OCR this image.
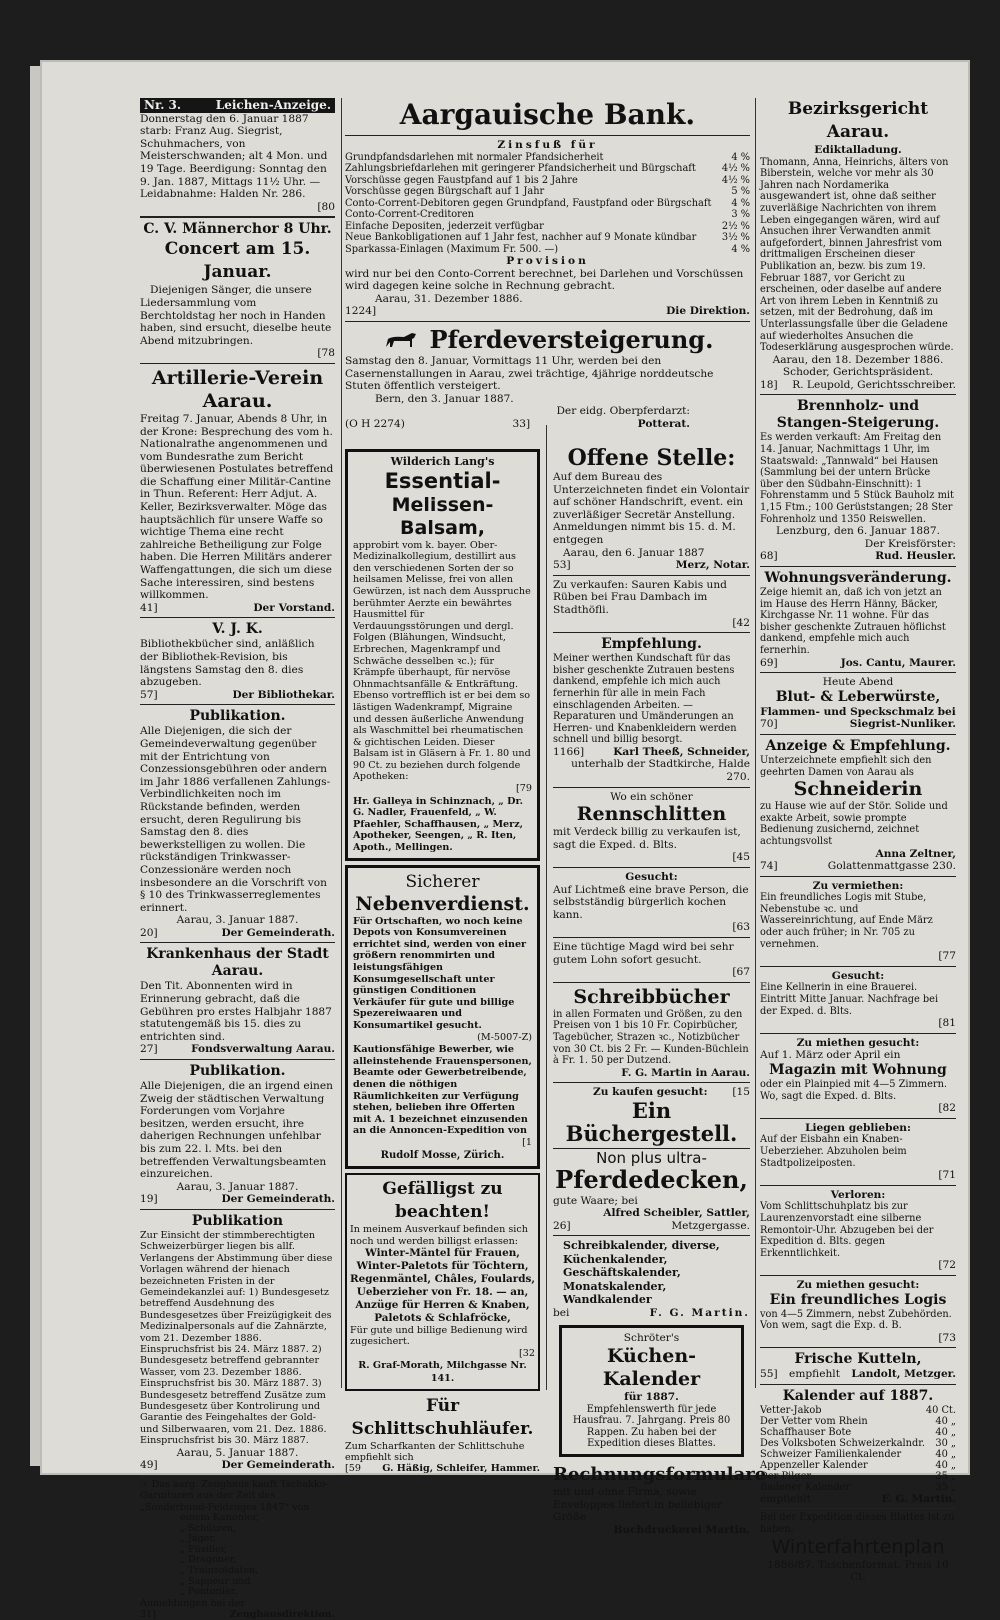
Nr. 3.	Leichen-Anzeige.

Donnerstag den 6. Januar 1887 starb: Franz Aug. Siegrist, Schuhmachers, von Meisterschwanden; alt 4 Mon. und 19 Tage. Beerdigung: Sonntag den 9. Jan. 1887, Mittags 11½ Uhr. — Leidabnahme: Halden Nr. 286.

[80
C. V. Männerchor 8 Uhr.
Concert am 15. Januar.

Diejenigen Sänger, die unsere Liedersammlung vom Berchtoldstag her noch in Handen haben, sind ersucht, dieselbe heute Abend mitzubringen.

[78
Artillerie-Verein Aarau.

Freitag 7. Januar, Abends 8 Uhr, in der Krone: Besprechung des vom h. Nationalrathe angenommenen und vom Bundesrathe zum Bericht überwiesenen Postulates betreffend die Schaffung einer Militär-Cantine in Thun. Referent: Herr Adjut. A. Keller, Bezirksverwalter. Möge das hauptsächlich für unsere Waffe so wichtige Thema eine recht zahlreiche Betheiligung zur Folge haben. Die Herren Militärs anderer Waffengattungen, die sich um diese Sache interessiren, sind bestens willkommen.

41]	Der Vorstand.
V. J. K.

Bibliothekbücher sind, anläßlich der Bibliothek-Revision, bis längstens Samstag den 8. dies abzugeben.

57]	Der Bibliothekar.
Publikation.

Alle Diejenigen, die sich der Gemeindeverwaltung gegenüber mit der Entrichtung von Conzessionsgebühren oder andern im Jahr 1886 verfallenen Zahlungs-Verbindlichkeiten noch im Rückstande befinden, werden ersucht, deren Regulirung bis Samstag den 8. dies bewerkstelligen zu wollen. Die rückständigen Trinkwasser-Conzessionäre werden noch insbesondere an die Vorschrift von § 10 des Trinkwasserreglementes erinnert.

Aarau, 3. Januar 1887.
20]	Der Gemeinderath.
Krankenhaus der Stadt Aarau.

Den Tit. Abonnenten wird in Erinnerung gebracht, daß die Gebühren pro erstes Halbjahr 1887 statutengemäß bis 15. dies zu entrichten sind.

27]	Fondsverwaltung Aarau.
Publikation.

Alle Diejenigen, die an irgend einen Zweig der städtischen Verwaltung Forderungen vom Vorjahre besitzen, werden ersucht, ihre daherigen Rechnungen unfehlbar bis zum 22. l. Mts. bei den betreffenden Verwaltungsbeamten einzureichen.

Aarau, 3. Januar 1887.
19]	Der Gemeinderath.
Publikation

Zur Einsicht der stimmberechtigten Schweizerbürger liegen bis allf. Verlangens der Abstimmung über diese Vorlagen während der hienach bezeichneten Fristen in der Gemeindekanzlei auf: 1) Bundesgesetz betreffend Ausdehnung des Bundesgesetzes über Freizügigkeit des Medizinalpersonals auf die Zahnärzte, vom 21. Dezember 1886. Einspruchsfrist bis 24. März 1887. 2) Bundesgesetz betreffend gebrannter Wasser, vom 23. Dezember 1886. Einspruchsfrist bis 30. März 1887. 3) Bundesgesetz betreffend Zusätze zum Bundesgesetz über Kontrolirung und Garantie des Feingehaltes der Gold- und Silberwaaren, vom 21. Dez. 1886. Einspruchsfrist bis 30. März 1887.

Aarau, 5. Januar 1887.
49]	Der Gemeinderath.

☞ Das aarg. Zeughaus kauft Tschakko-Garnituren aus der Zeit des „Sonderbund-Feldzuges 1847“ von

einem Kanonier,
„ Schützen,
„ Jäger,
„ Füsilier,
„ Dragoner,
„ Trainsoldaten,
„ Sappeur und
„ Pontonier.
Anmeldungen bei der
31]	Zeughausdirektion.
Aargauische Bank.
Zinsfuß für
Grundpfandsdarlehen mit normaler Pfandsicherheit	4 %
Zahlungsbriefdarlehen mit geringerer Pfandsicherheit und Bürgschaft	4½ %
Vorschüsse gegen Faustpfand auf 1 bis 2 Jahre	4½ %
Vorschüsse gegen Bürgschaft auf 1 Jahr	5 %
Conto-Corrent-Debitoren gegen Grundpfand, Faustpfand oder Bürgschaft 4 %
Conto-Corrent-Creditoren	3 %
Einfache Depositen, jederzeit verfügbar	2½ %
Neue Bankobligationen auf 1 Jahr fest, nachher auf 9 Monate kündbar	3½ %
Sparkassa-Einlagen (Maximum Fr. 500. —)	4 %
Provision

wird nur bei den Conto-Corrent berechnet, bei Darlehen und Vorschüssen wird dagegen keine solche in Rechnung gebracht.

Aarau, 31. Dezember 1886.
1224]	Die Direktion.
Pferdeversteigerung.

Samstag den 8. Januar, Vormittags 11 Uhr, werden bei den Casernenstallungen in Aarau, zwei trächtige, 4jährige norddeutsche Stuten öffentlich versteigert.

Bern, den 3. Januar 1887.
Der eidg. Oberpferdarzt:
(O H 2274)	33]	Potterat.
Wilderich Lang's
Essential-
Melissen-Balsam,

approbirt vom k. bayer. Ober-Medizinalkollegium, destillirt aus den verschiedenen Sorten der so heilsamen Melisse, frei von allen Gewürzen, ist nach dem Ausspruche berühmter Aerzte ein bewährtes Hausmittel für Verdauungsstörungen und dergl. Folgen (Blähungen, Windsucht, Erbrechen, Magenkrampf und Schwäche desselben ꝛc.); für Krämpfe überhaupt, für nervöse Ohnmachtsanfälle & Entkräftung. Ebenso vortrefflich ist er bei dem so lästigen Wadenkrampf, Migraine und dessen äußerliche Anwendung als Waschmittel bei rheumatischen & gichtischen Leiden. Dieser Balsam ist in Gläsern à Fr. 1. 80 und 90 Ct. zu beziehen durch folgende Apotheken:

[79

Hr. Galleya in Schinznach, „ Dr. G. Nadler, Frauenfeld, „ W. Pfaehler, Schaffhausen, „ Merz, Apotheker, Seengen, „ R. Iten, Apoth., Mellingen.

Sicherer
Nebenverdienst.

Für Ortschaften, wo noch keine Depots von Konsumvereinen errichtet sind, werden von einer größern renommirten und leistungsfähigen Konsumgesellschaft unter günstigen Conditionen Verkäufer für gute und billige Spezereiwaaren und Konsumartikel gesucht.

(M-5007-Z)

Kautionsfähige Bewerber, wie alleinstehende Frauenspersonen, Beamte oder Gewerbetreibende, denen die nöthigen Räumlichkeiten zur Verfügung stehen, belieben ihre Offerten mit A. 1 bezeichnet einzusenden an die Annoncen-Expedition von

[1
Rudolf Mosse, Zürich.
Gefälligst zu beachten!

In meinem Ausverkauf befinden sich noch und werden billigst erlassen:

Winter-Mäntel für Frauen, Winter-Paletots für Töchtern, Regenmäntel, Châles, Foulards, Ueberzieher von Fr. 18. — an, Anzüge für Herren & Knaben, Paletots & Schlafröcke,

Für gute und billige Bedienung wird zugesichert.

[32
R. Graf-Morath, Milchgasse Nr. 141.
Für Schlittschuhläufer.

Zum Scharfkanten der Schlittschuhe empfiehlt sich

[59 G. Häßig, Schleifer, Hammer.
Offene Stelle:

Auf dem Bureau des Unterzeichneten findet ein Volontair auf schöner Handschrift, event. ein zuverläßiger Secretär Anstellung. Anmeldungen nimmt bis 15. d. M. entgegen

Aarau, den 6. Januar 1887
53]	Merz, Notar.

Zu verkaufen: Sauren Kabis und Rüben bei Frau Dambach im Stadthöfli.

[42
Empfehlung.

Meiner werthen Kundschaft für das bisher geschenkte Zutrauen bestens dankend, empfehle ich mich auch fernerhin für alle in mein Fach einschlagenden Arbeiten. — Reparaturen und Umänderungen an Herren- und Knabenkleidern werden schnell und billig besorgt.

1166]	Karl Theeß, Schneider,
unterhalb der Stadtkirche, Halde 270.
Wo ein schöner
Rennschlitten

mit Verdeck billig zu verkaufen ist, sagt die Exped. d. Blts.

[45
Gesucht:

Auf Lichtmeß eine brave Person, die selbstständig bürgerlich kochen kann.

[63

Eine tüchtige Magd wird bei sehr gutem Lohn sofort gesucht.

[67
Schreibbücher

in allen Formaten und Größen, zu den Preisen von 1 bis 10 Fr. Copirbücher, Tagebücher, Strazen ꝛc., Notizbücher von 30 Ct. bis 2 Fr. — Kunden-Büchlein à Fr. 1. 50 per Dutzend.

F. G. Martin in Aarau.
Zu kaufen gesucht: [15
Ein Büchergestell.
Non plus ultra-
Pferdedecken,
gute Waare; bei
Alfred Scheibler, Sattler,
26]	Metzgergasse.
Schreibkalender, diverse,
Küchenkalender,
Geschäftskalender,
Monatskalender,
Wandkalender
bei	F. G. Martin.
Schröter's
Küchen-Kalender
für 1887.

Empfehlenswerth für jede Hausfrau. 7. Jahrgang. Preis 80 Rappen. Zu haben bei der Expedition dieses Blattes.

Rechnungsformulare

mit und ohne Firma, sowie Enveloppes liefert in beliebiger Größe

Buchdruckerei Martin.
Bezirksgericht Aarau.
Ediktalladung.

Thomann, Anna, Heinrichs, älters von Biberstein, welche vor mehr als 30 Jahren nach Nordamerika ausgewandert ist, ohne daß seither zuverläßige Nachrichten von ihrem Leben eingegangen wären, wird auf Ansuchen ihrer Verwandten anmit aufgefordert, binnen Jahresfrist vom drittmaligen Erscheinen dieser Publikation an, bezw. bis zum 19. Februar 1887, vor Gericht zu erscheinen, oder daselbe auf andere Art von ihrem Leben in Kenntniß zu setzen, mit der Bedrohung, daß im Unterlassungsfalle über die Geladene auf wiederholtes Ansuchen die Todeserklärung ausgesprochen würde.

Aarau, den 18. Dezember 1886.
Schoder, Gerichtspräsident.
18] R. Leupold, Gerichtsschreiber.
Brennholz- und Stangen-Steigerung.

Es werden verkauft: Am Freitag den 14. Januar, Nachmittags 1 Uhr, im Staatswald: „Tannwald“ bei Hausen (Sammlung bei der untern Brücke über den Südbahn-Einschnitt): 1 Fohrenstamm und 5 Stück Bauholz mit 1,15 Ftm.; 100 Gerüststangen; 28 Ster Fohrenholz und 1350 Reiswellen.

Lenzburg, den 6. Januar 1887.
Der Kreisförster:
68]	Rud. Heusler.
Wohnungsveränderung.

Zeige hiemit an, daß ich von jetzt an im Hause des Herrn Hänny, Bäcker, Kirchgasse Nr. 11 wohne. Für das bisher geschenkte Zutrauen höflichst dankend, empfehle mich auch fernerhin.

69]	Jos. Cantu, Maurer.
Heute Abend
Blut- & Leberwürste,
Flammen- und Speckschmalz bei
70]	Siegrist-Nunliker.
Anzeige & Empfehlung.

Unterzeichnete empfiehlt sich den geehrten Damen von Aarau als

Schneiderin

zu Hause wie auf der Stör. Solide und exakte Arbeit, sowie prompte Bedienung zusichernd, zeichnet achtungsvollst

Anna Zeltner,
74]	Golattenmattgasse 230.
Zu vermiethen:

Ein freundliches Logis mit Stube, Nebenstube ꝛc. und Wassereinrichtung, auf Ende März oder auch früher; in Nr. 705 zu vernehmen.

[77
Gesucht:

Eine Kellnerin in eine Brauerei. Eintritt Mitte Januar. Nachfrage bei der Exped. d. Blts.

[81
Zu miethen gesucht:
Auf 1. März oder April ein
Magazin mit Wohnung

oder ein Plainpied mit 4—5 Zimmern. Wo, sagt die Exped. d. Blts.

[82
Liegen geblieben:

Auf der Eisbahn ein Knaben-Ueberzieher. Abzuholen beim Stadtpolizeiposten.

[71
Verloren:

Vom Schlittschuhplatz bis zur Laurenzenvorstadt eine silberne Remontoir-Uhr. Abzugeben bei der Expedition d. Blts. gegen Erkenntlichkeit.

[72
Zu miethen gesucht:
Ein freundliches Logis

von 4—5 Zimmern, nebst Zubehörden. Von wem, sagt die Exp. d. B.

[73
Frische Kutteln,
55] empfiehlt Landolt, Metzger.
Kalender auf 1887.
Vetter-Jakob	40 Ct.
Der Vetter vom Rhein	40 „
Schaffhauser Bote	40 „
Des Volksboten Schweizerkalndr. 30 „
Schweizer Familienkalender	40 „
Appenzeller Kalender	40 „
Der Pilger	35 „
Badener Kalender	35 „
empfiehlt	F. G. Martin.

Bei der Expedition dieses Blattes ist zu haben:

Winterfahrtenplan
1886/87. Taschenformat. Preis 10 Ct.
